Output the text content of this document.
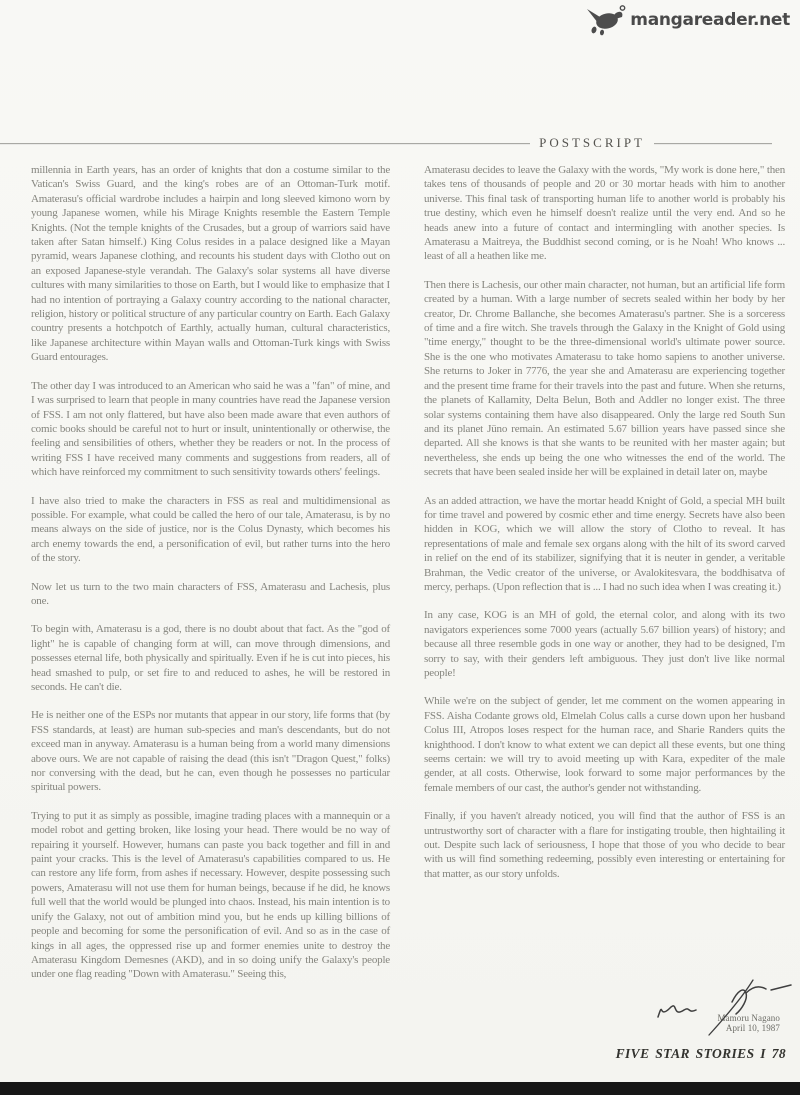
mangareader.net
POSTSCRIPT

millennia in Earth years, has an order of knights that don a costume similar to the Vatican's Swiss Guard, and the king's robes are of an Ottoman-Turk motif. Amaterasu's official wardrobe includes a hairpin and long sleeved kimono worn by young Japanese women, while his Mirage Knights resemble the Eastern Temple Knights. (Not the temple knights of the Crusades, but a group of warriors said have taken after Satan himself.) King Colus resides in a palace designed like a Mayan pyramid, wears Japanese clothing, and recounts his student days with Clotho out on an exposed Japanese-style verandah. The Galaxy's solar systems all have diverse cultures with many similarities to those on Earth, but I would like to emphasize that I had no intention of portraying a Galaxy country according to the national character, religion, history or political structure of any particular country on Earth. Each Galaxy country presents a hotchpotch of Earthly, actually human, cultural characteristics, like Japanese architecture within Mayan walls and Ottoman-Turk kings with Swiss Guard entourages.

The other day I was introduced to an American who said he was a "fan" of mine, and I was surprised to learn that people in many countries have read the Japanese version of FSS. I am not only flattered, but have also been made aware that even authors of comic books should be careful not to hurt or insult, unintentionally or otherwise, the feeling and sensibilities of others, whether they be readers or not. In the process of writing FSS I have received many comments and suggestions from readers, all of which have reinforced my commitment to such sensitivity towards others' feelings.

I have also tried to make the characters in FSS as real and multidimensional as possible. For example, what could be called the hero of our tale, Amaterasu, is by no means always on the side of justice, nor is the Colus Dynasty, which becomes his arch enemy towards the end, a personification of evil, but rather turns into the hero of the story.

Now let us turn to the two main characters of FSS, Amaterasu and Lachesis, plus one.

To begin with, Amaterasu is a god, there is no doubt about that fact. As the "god of light" he is capable of changing form at will, can move through dimensions, and possesses eternal life, both physically and spiritually. Even if he is cut into pieces, his head smashed to pulp, or set fire to and reduced to ashes, he will be restored in seconds. He can't die.

He is neither one of the ESPs nor mutants that appear in our story, life forms that (by FSS standards, at least) are human sub-species and man's descendants, but do not exceed man in anyway. Amaterasu is a human being from a world many dimensions above ours. We are not capable of raising the dead (this isn't "Dragon Quest," folks) nor conversing with the dead, but he can, even though he possesses no particular spiritual powers.

Trying to put it as simply as possible, imagine trading places with a mannequin or a model robot and getting broken, like losing your head. There would be no way of repairing it yourself. However, humans can paste you back together and fill in and paint your cracks. This is the level of Amaterasu's capabilities compared to us. He can restore any life form, from ashes if necessary. However, despite possessing such powers, Amaterasu will not use them for human beings, because if he did, he knows full well that the world would be plunged into chaos. Instead, his main intention is to unify the Galaxy, not out of ambition mind you, but he ends up killing billions of people and becoming for some the personification of evil. And so as in the case of kings in all ages, the oppressed rise up and former enemies unite to destroy the Amaterasu Kingdom Demesnes (AKD), and in so doing unify the Galaxy's people under one flag reading "Down with Amaterasu." Seeing this,

Amaterasu decides to leave the Galaxy with the words, "My work is done here," then takes tens of thousands of people and 20 or 30 mortar heads with him to another universe. This final task of transporting human life to another world is probably his true destiny, which even he himself doesn't realize until the very end. And so he heads anew into a future of contact and intermingling with another species. Is Amaterasu a Maitreya, the Buddhist second coming, or is he Noah! Who knows ... least of all a heathen like me.

Then there is Lachesis, our other main character, not human, but an artificial life form created by a human. With a large number of secrets sealed within her body by her creator, Dr. Chrome Ballanche, she becomes Amaterasu's partner. She is a sorceress of time and a fire witch. She travels through the Galaxy in the Knight of Gold using "time energy," thought to be the three-dimensional world's ultimate power source. She is the one who motivates Amaterasu to take homo sapiens to another universe. She returns to Joker in 7776, the year she and Amaterasu are experiencing together and the present time frame for their travels into the past and future. When she returns, the planets of Kallamity, Delta Belun, Both and Addler no longer exist. The three solar systems containing them have also disappeared. Only the large red South Sun and its planet Jüno remain. An estimated 5.67 billion years have passed since she departed. All she knows is that she wants to be reunited with her master again; but nevertheless, she ends up being the one who witnesses the end of the world. The secrets that have been sealed inside her will be explained in detail later on, maybe

As an added attraction, we have the mortar headd Knight of Gold, a special MH built for time travel and powered by cosmic ether and time energy. Secrets have also been hidden in KOG, which we will allow the story of Clotho to reveal. It has representations of male and female sex organs along with the hilt of its sword carved in relief on the end of its stabilizer, signifying that it is neuter in gender, a veritable Brahman, the Vedic creator of the universe, or Avalokitesvara, the boddhisatva of mercy, perhaps. (Upon reflection that is ... I had no such idea when I was creating it.)

In any case, KOG is an MH of gold, the eternal color, and along with its two navigators experiences some 7000 years (actually 5.67 billion years) of history; and because all three resemble gods in one way or another, they had to be designed, I'm sorry to say, with their genders left ambiguous. They just don't live like normal people!

While we're on the subject of gender, let me comment on the women appearing in FSS. Aisha Codante grows old, Elmelah Colus calls a curse down upon her husband Colus III, Atropos loses respect for the human race, and Sharie Randers quits the knighthood. I don't know to what extent we can depict all these events, but one thing seems certain: we will try to avoid meeting up with Kara, expediter of the male gender, at all costs. Otherwise, look forward to some major performances by the female members of our cast, the author's gender not withstanding.

Finally, if you haven't already noticed, you will find that the author of FSS is an untrustworthy sort of character with a flare for instigating trouble, then hightailing it out. Despite such lack of seriousness, I hope that those of you who decide to bear with us will find something redeeming, possibly even interesting or entertaining for that matter, as our story unfolds.

Mamoru Nagano
April 10, 1987
FIVE STAR STORIES I 78
